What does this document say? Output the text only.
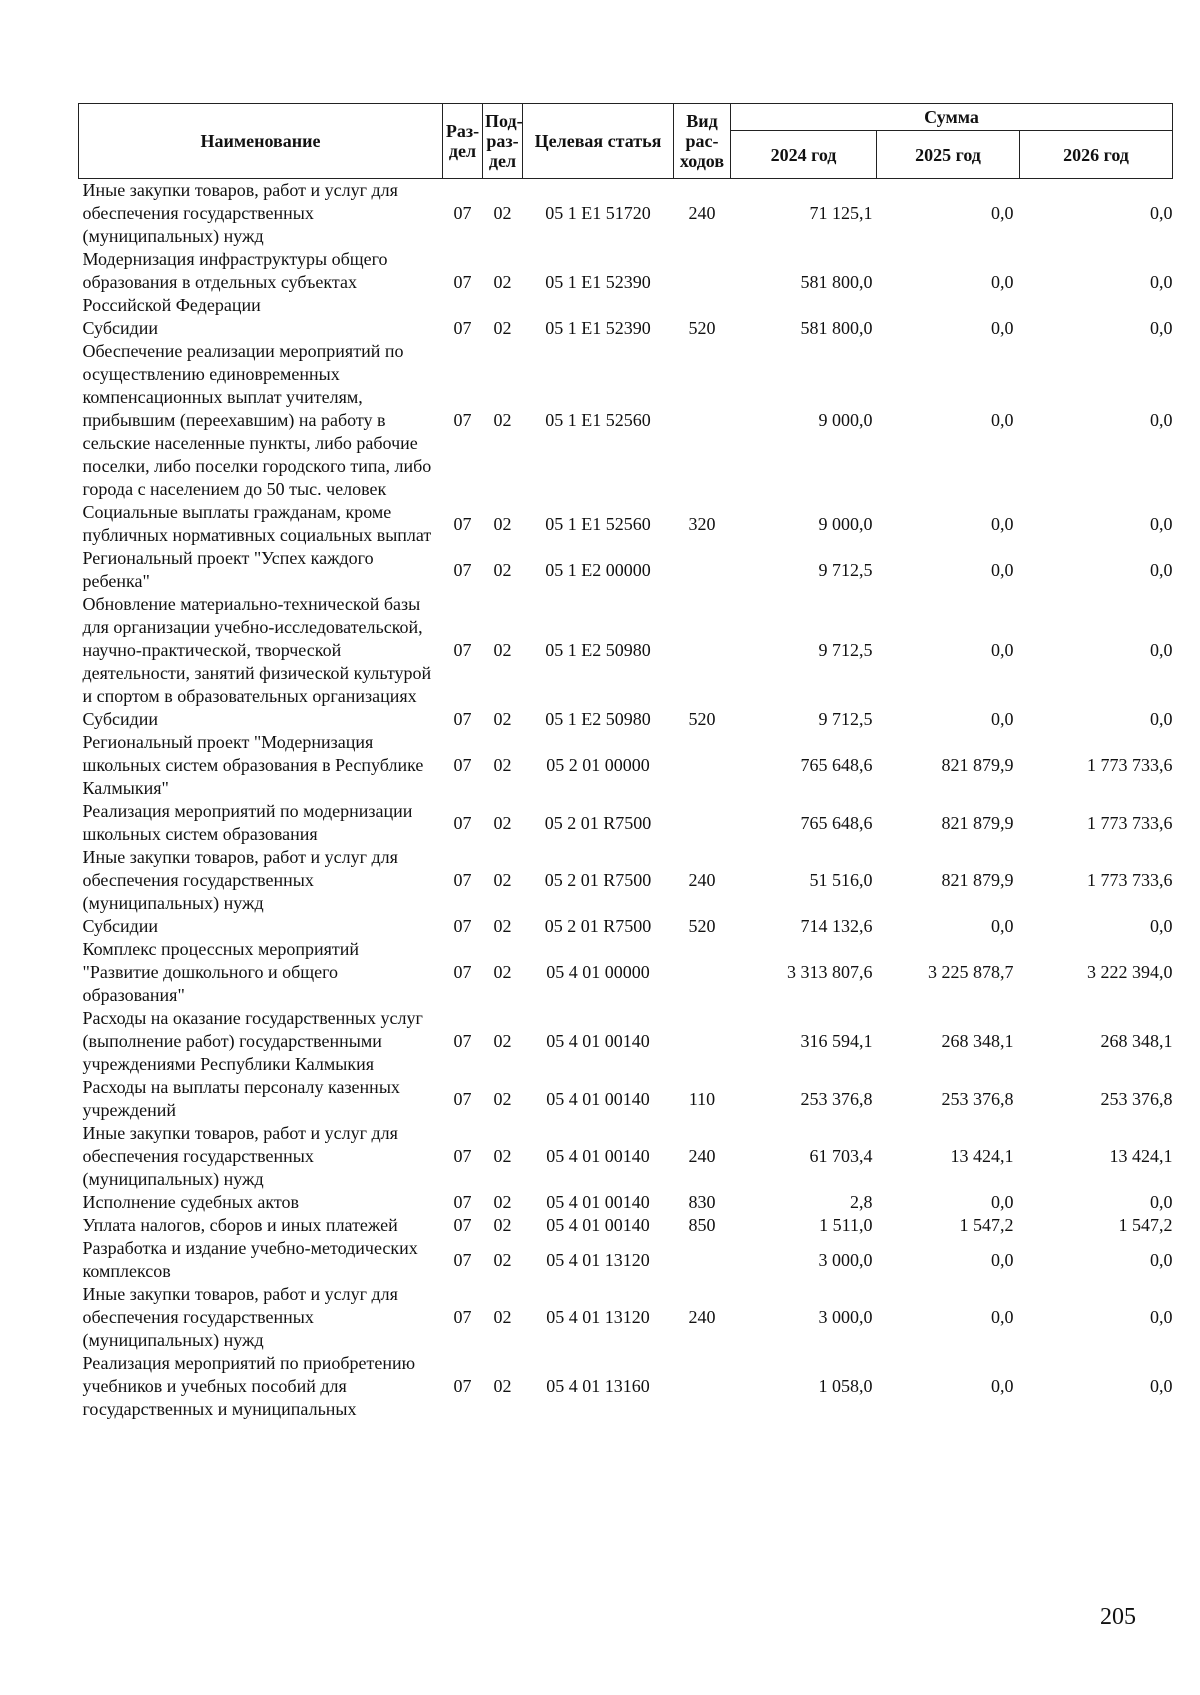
Наименование	Раз-дел	Под-раз-дел	Целевая статья	Вид рас-ходов	Сумма		
					2024 год	2025 год	2026 год
Иные закупки товаров, работ и услуг для обеспечения государственных (муниципальных) нужд	07	02	05 1 E1 51720	240	71 125,1	0,0	0,0
Модернизация инфраструктуры общего образования в отдельных субъектах Российской Федерации	07	02	05 1 E1 52390		581 800,0	0,0	0,0
Субсидии	07	02	05 1 E1 52390	520	581 800,0	0,0	0,0
Обеспечение реализации мероприятий по осуществлению единовременных компенсационных выплат учителям, прибывшим (переехавшим) на работу в сельские населенные пункты, либо рабочие поселки, либо поселки городского типа, либо города с населением до 50 тыс. человек	07	02	05 1 E1 52560		9 000,0	0,0	0,0
Социальные выплаты гражданам, кроме публичных нормативных социальных выплат	07	02	05 1 E1 52560	320	9 000,0	0,0	0,0
Региональный проект "Успех каждого ребенка"	07	02	05 1 E2 00000		9 712,5	0,0	0,0
Обновление материально-технической базы для организации учебно-исследовательской, научно-практической, творческой деятельности, занятий физической культурой и спортом в образовательных организациях	07	02	05 1 E2 50980		9 712,5	0,0	0,0
Субсидии	07	02	05 1 E2 50980	520	9 712,5	0,0	0,0
Региональный проект "Модернизация школьных систем образования в Республике Калмыкия"	07	02	05 2 01 00000		765 648,6	821 879,9	1 773 733,6
Реализация мероприятий по модернизации школьных систем образования	07	02	05 2 01 R7500		765 648,6	821 879,9	1 773 733,6
Иные закупки товаров, работ и услуг для обеспечения государственных (муниципальных) нужд	07	02	05 2 01 R7500	240	51 516,0	821 879,9	1 773 733,6
Субсидии	07	02	05 2 01 R7500	520	714 132,6	0,0	0,0
Комплекс процессных мероприятий "Развитие дошкольного и общего образования"	07	02	05 4 01 00000		3 313 807,6	3 225 878,7	3 222 394,0
Расходы на оказание государственных услуг (выполнение работ) государственными учреждениями Республики Калмыкия	07	02	05 4 01 00140		316 594,1	268 348,1	268 348,1
Расходы на выплаты персоналу казенных учреждений	07	02	05 4 01 00140	110	253 376,8	253 376,8	253 376,8
Иные закупки товаров, работ и услуг для обеспечения государственных (муниципальных) нужд	07	02	05 4 01 00140	240	61 703,4	13 424,1	13 424,1
Исполнение судебных актов	07	02	05 4 01 00140	830	2,8	0,0	0,0
Уплата налогов, сборов и иных платежей	07	02	05 4 01 00140	850	1 511,0	1 547,2	1 547,2
Разработка и издание учебно-методических комплексов	07	02	05 4 01 13120		3 000,0	0,0	0,0
Иные закупки товаров, работ и услуг для обеспечения государственных (муниципальных) нужд	07	02	05 4 01 13120	240	3 000,0	0,0	0,0
Реализация мероприятий по приобретению учебников и учебных пособий для государственных и муниципальных	07	02	05 4 01 13160		1 058,0	0,0	0,0
205
